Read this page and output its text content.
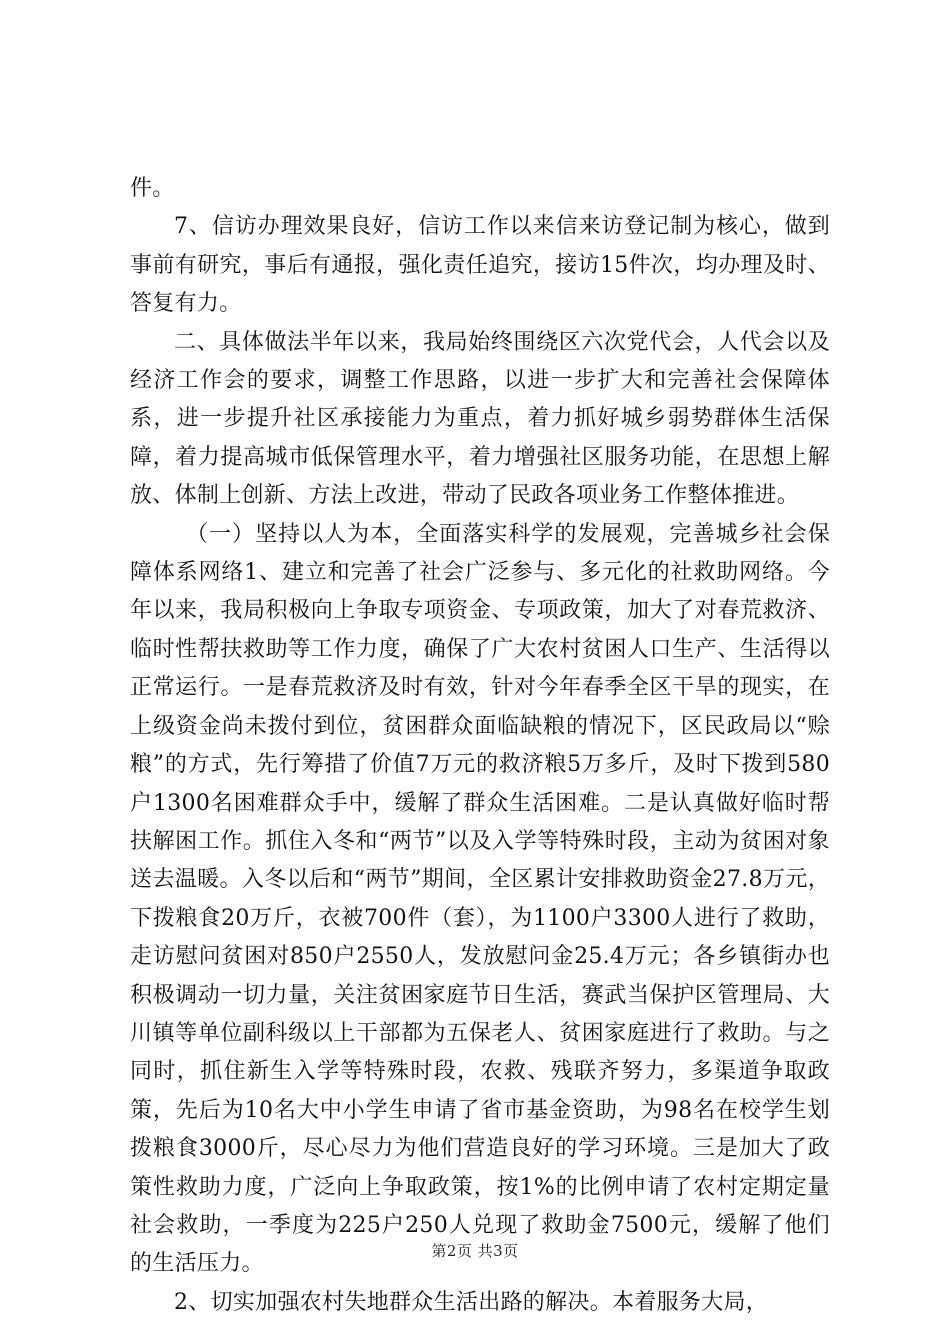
件。

7、信访办理效果良好，信访工作以来信来访登记制为核心，做到事前有研究，事后有通报，强化责任追究，接访15件次，均办理及时、答复有力。

二、具体做法半年以来，我局始终围绕区六次党代会，人代会以及经济工作会的要求，调整工作思路，以进一步扩大和完善社会保障体系，进一步提升社区承接能力为重点，着力抓好城乡弱势群体生活保障，着力提高城市低保管理水平，着力增强社区服务功能，在思想上解放、体制上创新、方法上改进，带动了民政各项业务工作整体推进。

（一）坚持以人为本，全面落实科学的发展观，完善城乡社会保障体系网络1、建立和完善了社会广泛参与、多元化的社救助网络。今年以来，我局积极向上争取专项资金、专项政策，加大了对春荒救济、临时性帮扶救助等工作力度，确保了广大农村贫困人口生产、生活得以正常运行。一是春荒救济及时有效，针对今年春季全区干旱的现实，在上级资金尚未拨付到位，贫困群众面临缺粮的情况下，区民政局以“赊粮”的方式，先行筹措了价值7万元的救济粮5万多斤，及时下拨到580户1300名困难群众手中，缓解了群众生活困难。二是认真做好临时帮扶解困工作。抓住入冬和“两节”以及入学等特殊时段，主动为贫困对象送去温暖。入冬以后和“两节”期间，全区累计安排救助资金27.8万元，下拨粮食20万斤，衣被700件（套），为1100户3300人进行了救助，走访慰问贫困对850户2550人，发放慰问金25.4万元；各乡镇街办也积极调动一切力量，关注贫困家庭节日生活，赛武当保护区管理局、大川镇等单位副科级以上干部都为五保老人、贫困家庭进行了救助。与之同时，抓住新生入学等特殊时段，农救、残联齐努力，多渠道争取政策，先后为10名大中小学生申请了省市基金资助，为98名在校学生划拨粮食3000斤，尽心尽力为他们营造良好的学习环境。三是加大了政策性救助力度，广泛向上争取政策，按1%的比例申请了农村定期定量社会救助，一季度为225户250人兑现了救助金7500元，缓解了他们的生活压力。

2、切实加强农村失地群众生活出路的解决。本着服务大局，

第2页 共3页
